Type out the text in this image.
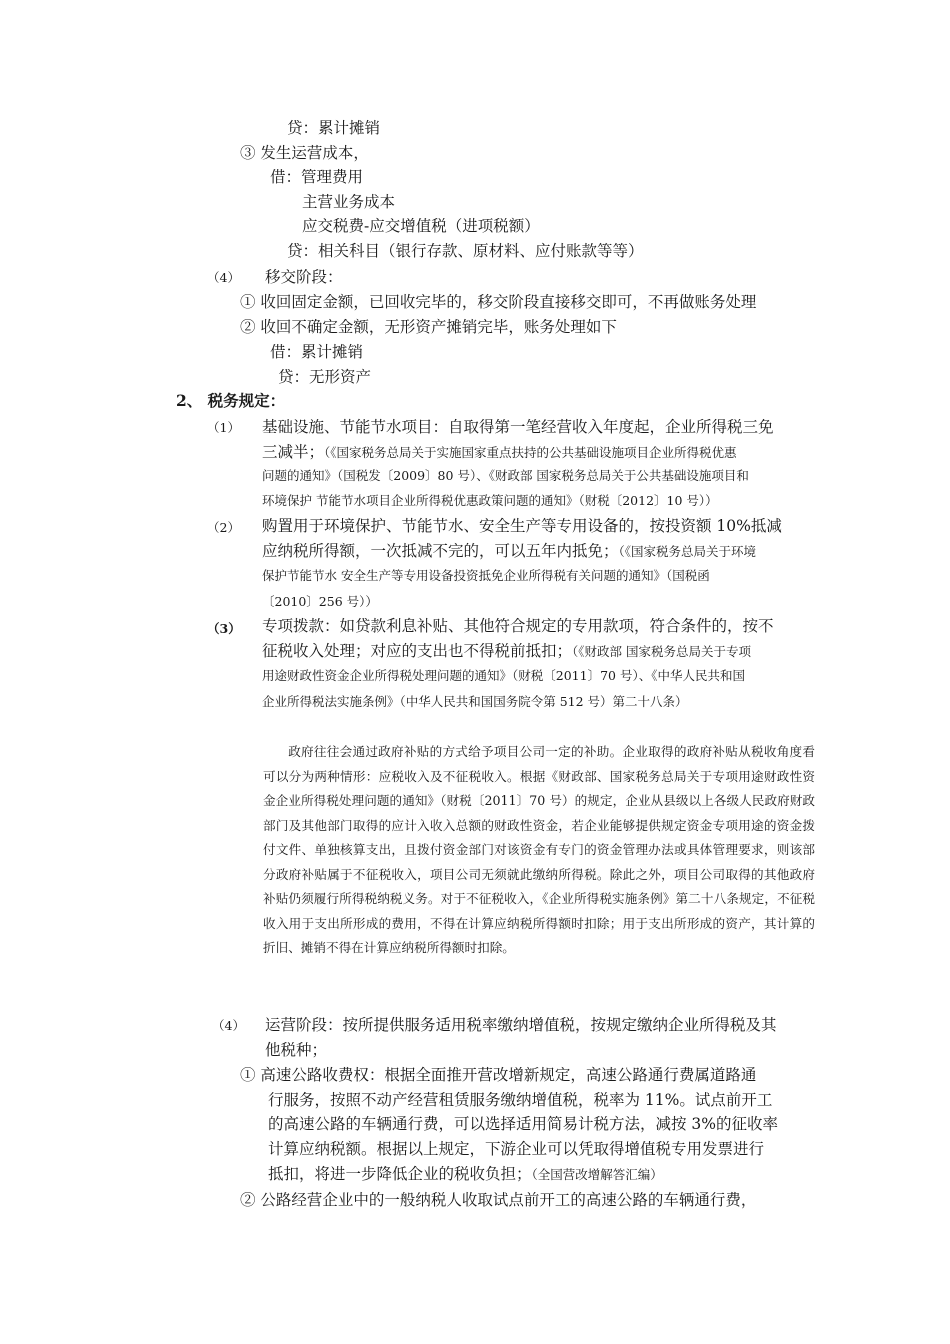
贷：累计摊销
③ 发生运营成本，
借：管理费用
主营业务成本
应交税费-应交增值税（进项税额）
贷：相关科目（银行存款、原材料、应付账款等等）
（4） 移交阶段：
① 收回固定金额，已回收完毕的，移交阶段直接移交即可，不再做账务处理
② 收回不确定金额，无形资产摊销完毕，账务处理如下
借：累计摊销
贷：无形资产
2、 税务规定：
（1） 基础设施、节能节水项目：自取得第一笔经营收入年度起，企业所得税三免
三减半；（《国家税务总局关于实施国家重点扶持的公共基础设施项目企业所得税优惠
问题的通知》（国税发〔2009〕80 号）、《财政部 国家税务总局关于公共基础设施项目和
环境保护 节能节水项目企业所得税优惠政策问题的通知》（财税〔2012〕10 号））
（2） 购置用于环境保护、节能节水、安全生产等专用设备的，按投资额 10%抵减
应纳税所得额，一次抵减不完的，可以五年内抵免；（《国家税务总局关于环境
保护节能节水 安全生产等专用设备投资抵免企业所得税有关问题的通知》（国税函
〔2010〕256 号））
（3） 专项拨款：如贷款利息补贴、其他符合规定的专用款项，符合条件的，按不
征税收入处理；对应的支出也不得税前抵扣；（《财政部 国家税务总局关于专项
用途财政性资金企业所得税处理问题的通知》（财税〔2011〕70 号）、《中华人民共和国
企业所得税法实施条例》（中华人民共和国国务院令第 512 号）第二十八条）
政府往往会通过政府补贴的方式给予项目公司一定的补助。企业取得的政府补贴从税收角度看可以分为两种情形：应税收入及不征税收入。根据《财政部、国家税务总局关于专项用途财政性资金企业所得税处理问题的通知》（财税〔2011〕70 号）的规定，企业从县级以上各级人民政府财政部门及其他部门取得的应计入收入总额的财政性资金，若企业能够提供规定资金专项用途的资金拨付文件、单独核算支出，且拨付资金部门对该资金有专门的资金管理办法或具体管理要求，则该部分政府补贴属于不征税收入，项目公司无须就此缴纳所得税。除此之外，项目公司取得的其他政府补贴仍须履行所得税纳税义务。对于不征税收入，《企业所得税实施条例》第二十八条规定，不征税收入用于支出所形成的费用，不得在计算应纳税所得额时扣除；用于支出所形成的资产，其计算的折旧、摊销不得在计算应纳税所得额时扣除。
（4） 运营阶段：按所提供服务适用税率缴纳增值税，按规定缴纳企业所得税及其
他税种；
① 高速公路收费权：根据全面推开营改增新规定，高速公路通行费属道路通
行服务，按照不动产经营租赁服务缴纳增值税，税率为 11%。试点前开工
的高速公路的车辆通行费，可以选择适用简易计税方法，减按 3%的征收率
计算应纳税额。根据以上规定，下游企业可以凭取得增值税专用发票进行
抵扣，将进一步降低企业的税收负担；（全国营改增解答汇编）
② 公路经营企业中的一般纳税人收取试点前开工的高速公路的车辆通行费，
